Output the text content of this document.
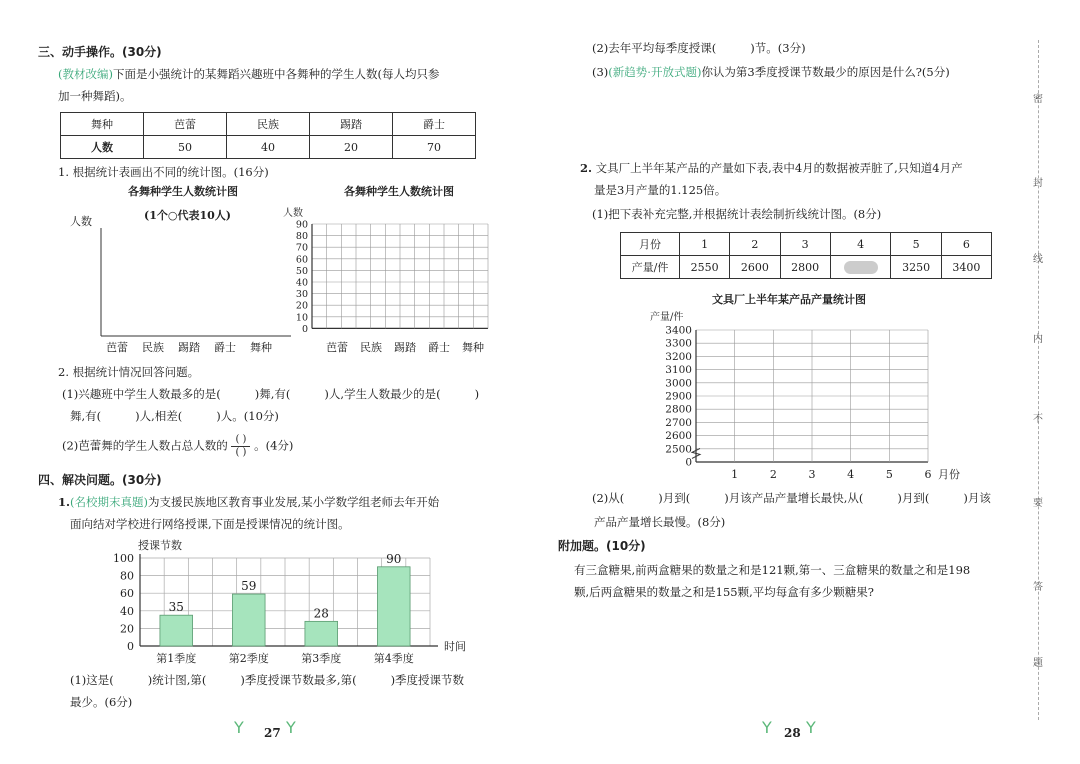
三、动手操作。(30分)
(教材改编)下面是小强统计的某舞蹈兴趣班中各舞种的学生人数(每人均只参
加一种舞蹈)。
舞种	芭蕾	民族	踢踏	爵士
人数	50	40	20	70
1. 根据统计表画出不同的统计图。(16分)
各舞种学生人数统计图
(1个○代表10人)
人数
芭蕾 民族 踢踏 爵士 舞种
各舞种学生人数统计图
人数
90
80
70
60
50
40
30
20
10
0
芭蕾 民族 踢踏 爵士 舞种
2. 根据统计情况回答问题。
(1)兴趣班中学生人数最多的是(	)舞,有(	)人,学生人数最少的是(	)
舞,有(	)人,相差(	)人。(10分)
(2)芭蕾舞的学生人数占总人数的 $\frac{( )}{( )}$ 。(4分)
四、解决问题。(30分)
1.(名校期末真题)为支援民族地区教育事业发展,某小学数学组老师去年开始
面向结对学校进行网络授课,下面是授课情况的统计图。
授课节数
0
20
40
60
80
100
35
第1季度
59
第2季度
28
第3季度
90
第4季度
时间
(1)这是(	)统计图,第(	)季度授课节数最多,第(	)季度授课节数
最少。(6分)
Y 27 Y
(2)去年平均每季度授课(	)节。(3分)
(3)(新趋势·开放式题)你认为第3季度授课节数最少的原因是什么?(5分)
2. 文具厂上半年某产品的产量如下表,表中4月的数据被弄脏了,只知道4月产
量是3月产量的1.125倍。
(1)把下表补充完整,并根据统计表绘制折线统计图。(8分)
月份	1	2	3	4	5	6
产量/件	2550	2600	2800		3250	3400
文具厂上半年某产品产量统计图
产量/件
0
2500
2600
2700
2800
2900
3000
3100
3200
3300
3400
1	2	3	4	5	6 月份
(2)从(	)月到(	)月该产品产量增长最快,从(	)月到(	)月该
产品产量增长最慢。(8分)
附加题。(10分)
有三盒糖果,前两盒糖果的数量之和是121颗,第一、三盒糖果的数量之和是198
颗,后两盒糖果的数量之和是155颗,平均每盒有多少颗糖果?
密
封
线
内
不
要
答
题
Y 28 Y
